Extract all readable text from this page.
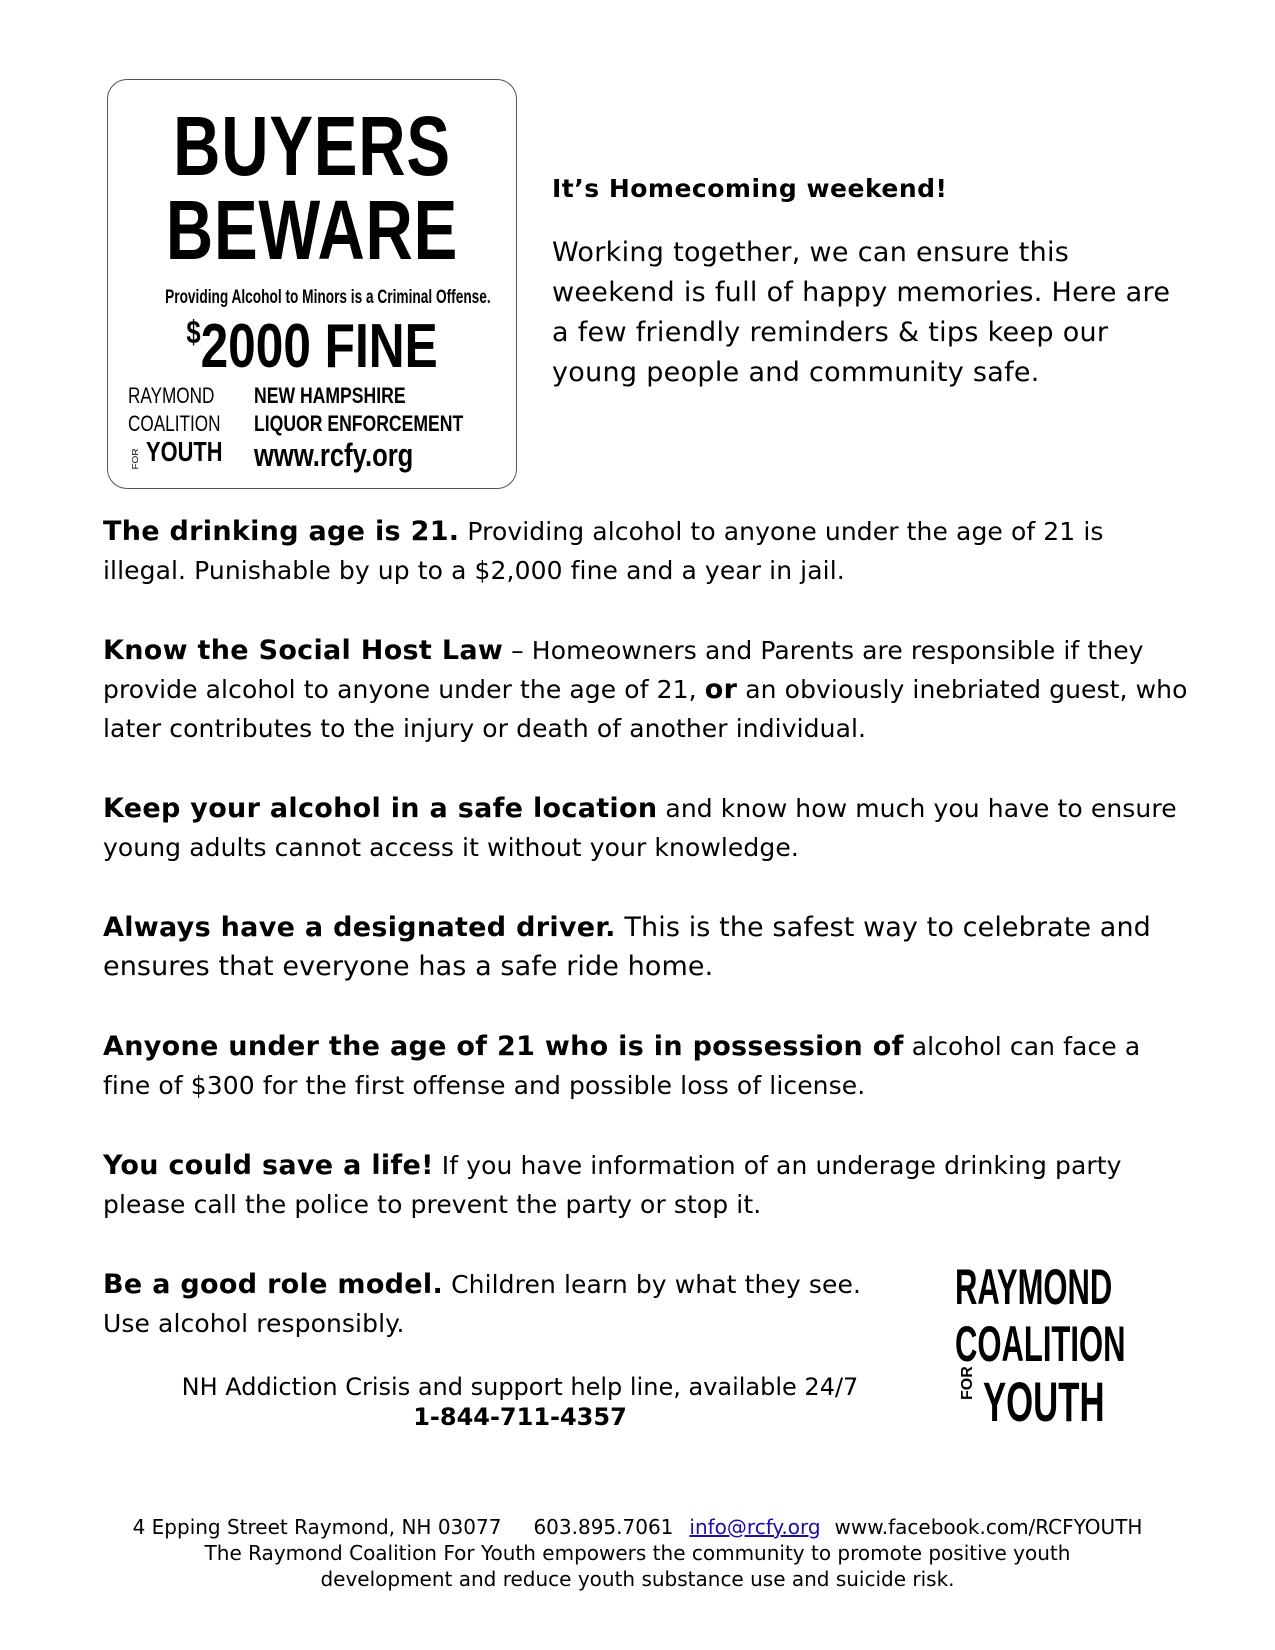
BUYERS
BEWARE
Providing Alcohol to Minors is a Criminal Offense.
$2000 FINE
RAYMOND
COALITION
FOR YOUTH
NEW HAMPSHIRE
LIQUOR ENFORCEMENT
www.rcfy.org

It’s Homecoming weekend!

Working together, we can ensure this weekend is full of happy memories. Here are a few friendly reminders & tips keep our young people and community safe.

The drinking age is 21. Providing alcohol to anyone under the age of 21 is illegal. Punishable by up to a $2,000 fine and a year in jail.

Know the Social Host Law – Homeowners and Parents are responsible if they provide alcohol to anyone under the age of 21, or an obviously inebriated guest, who later contributes to the injury or death of another individual.

Keep your alcohol in a safe location and know how much you have to ensure young adults cannot access it without your knowledge.

Always have a designated driver. This is the safest way to celebrate and ensures that everyone has a safe ride home.

Anyone under the age of 21 who is in possession of alcohol can face a fine of $300 for the first offense and possible loss of license.

You could save a life! If you have information of an underage drinking party please call the police to prevent the party or stop it.

Be a good role model. Children learn by what they see. Use alcohol responsibly.

RAYMOND
COALITION
FOR YOUTH

NH Addiction Crisis and support help line, available 24/7

1-844-711-4357

4 Epping Street Raymond, NH 03077 603.895.7061 info@rcfy.org www.facebook.com/RCFYOUTH
The Raymond Coalition For Youth empowers the community to promote positive youth
development and reduce youth substance use and suicide risk.
